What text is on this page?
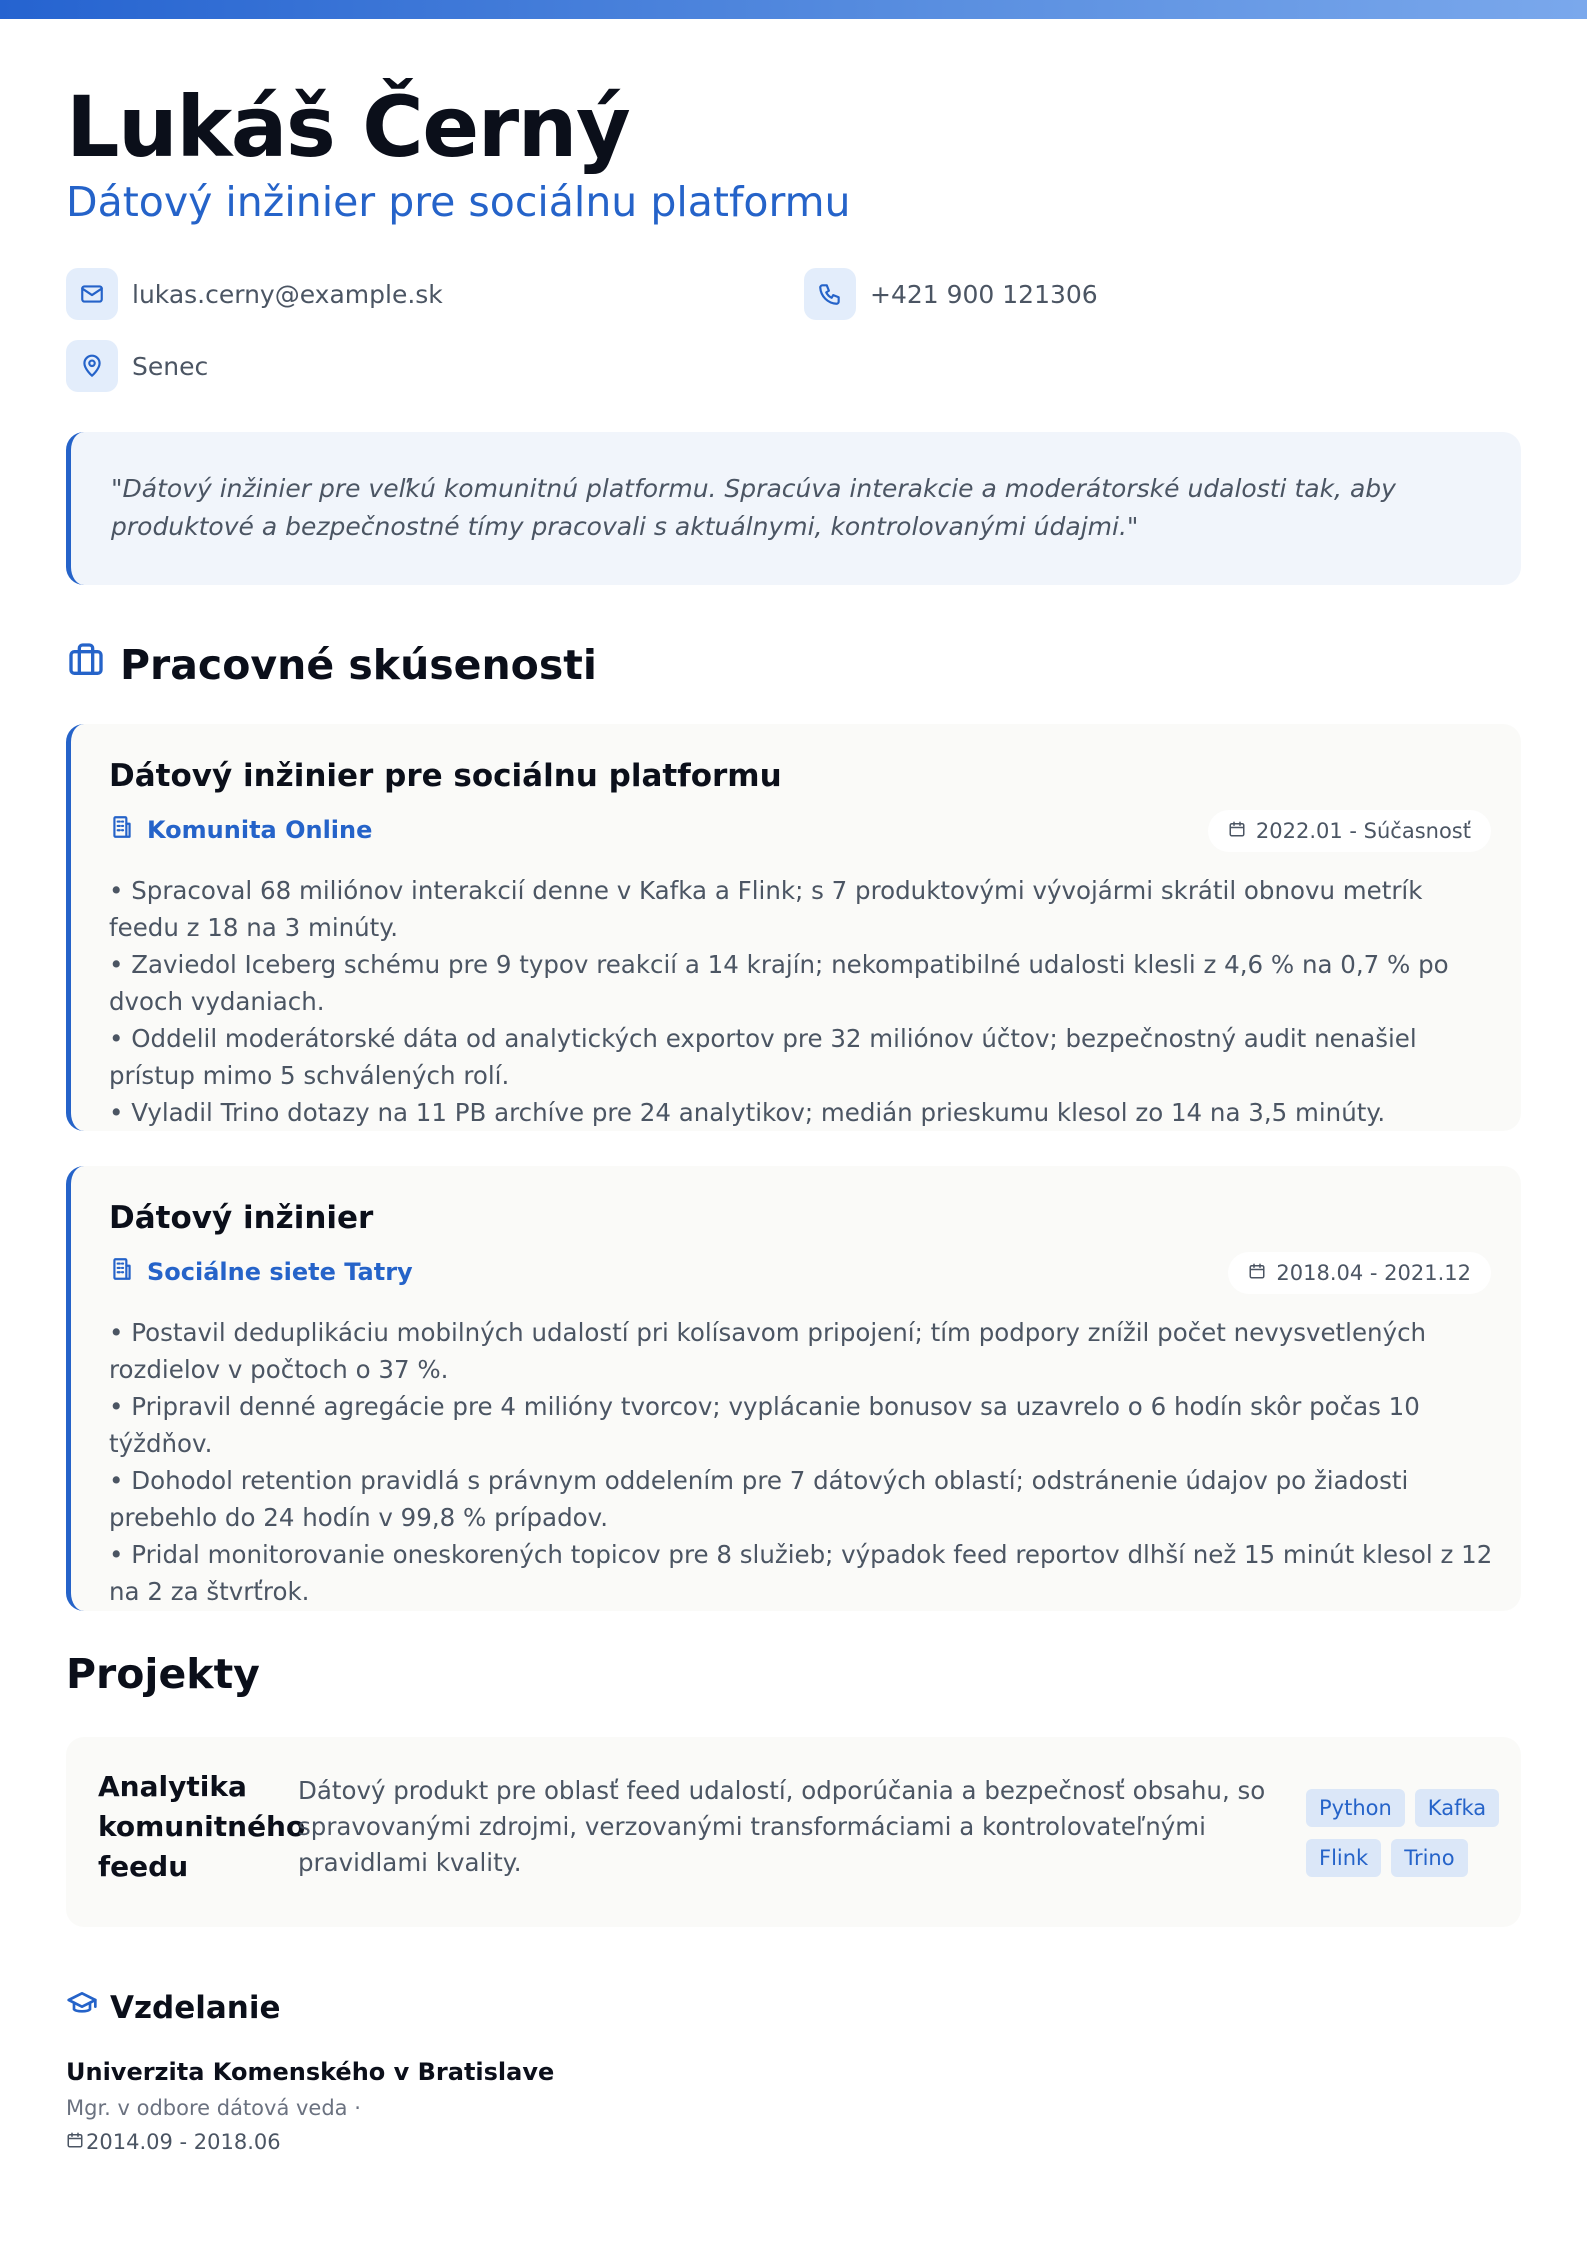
Lukáš Černý
Dátový inžinier pre sociálnu platformu
lukas.cerny@example.sk	+421 900 121306
Senec
"Dátový inžinier pre veľkú komunitnú platformu. Spracúva interakcie a moderátorské udalosti tak, aby produktové a bezpečnostné tímy pracovali s aktuálnymi, kontrolovanými údajmi."
Pracovné skúsenosti
Dátový inžinier pre sociálnu platformu
Komunita Online	2022.01 - Súčasnosť
• Spracoval 68 miliónov interakcií denne v Kafka a Flink; s 7 produktovými vývojármi skrátil obnovu metrík feedu z 18 na 3 minúty.
• Zaviedol Iceberg schému pre 9 typov reakcií a 14 krajín; nekompatibilné udalosti klesli z 4,6 % na 0,7 % po dvoch vydaniach.
• Oddelil moderátorské dáta od analytických exportov pre 32 miliónov účtov; bezpečnostný audit nenašiel prístup mimo 5 schválených rolí.
• Vyladil Trino dotazy na 11 PB archíve pre 24 analytikov; medián prieskumu klesol zo 14 na 3,5 minúty.
Dátový inžinier
Sociálne siete Tatry	2018.04 - 2021.12
• Postavil deduplikáciu mobilných udalostí pri kolísavom pripojení; tím podpory znížil počet nevysvetlených rozdielov v počtoch o 37 %.
• Pripravil denné agregácie pre 4 milióny tvorcov; vyplácanie bonusov sa uzavrelo o 6 hodín skôr počas 10 týždňov.
• Dohodol retention pravidlá s právnym oddelením pre 7 dátových oblastí; odstránenie údajov po žiadosti prebehlo do 24 hodín v 99,8 % prípadov.
• Pridal monitorovanie oneskorených topicov pre 8 služieb; výpadok feed reportov dlhší než 15 minút klesol z 12 na 2 za štvrťrok.
Projekty
Analytika komunitného feedu
Dátový produkt pre oblasť feed udalostí, odporúčania a bezpečnosť obsahu, so spravovanými zdrojmi, verzovanými transformáciami a kontrolovateľnými pravidlami kvality.
Python	Kafka
Flink	Trino
Vzdelanie
Univerzita Komenského v Bratislave
Mgr. v odbore dátová veda ·
2014.09 - 2018.06
